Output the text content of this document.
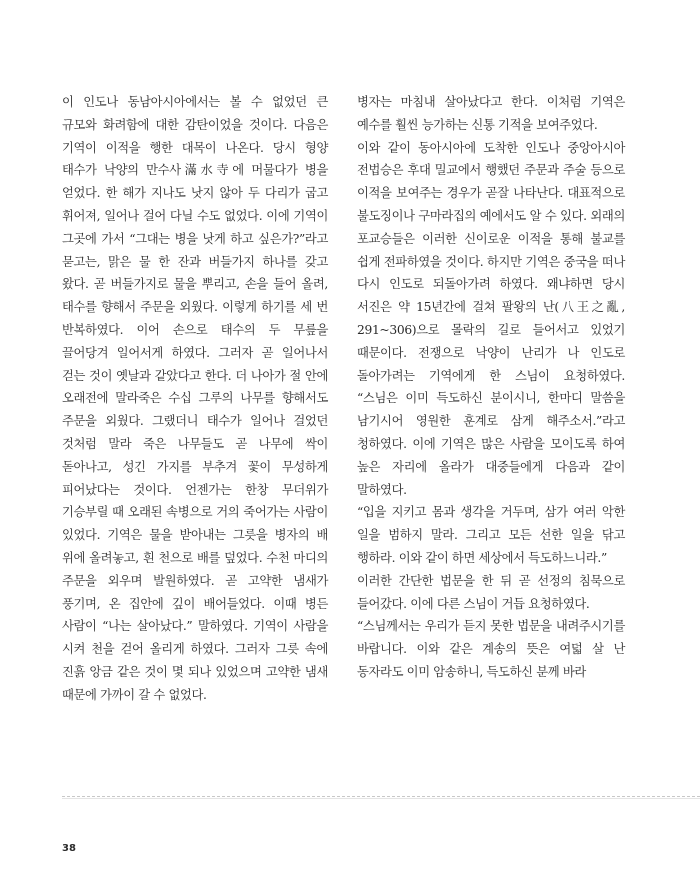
이 인도나 동남아시아에서는 볼 수 없었던 큰 규모와 화려함에 대한 감탄이었을 것이다. 다음은 기역이 이적을 행한 대목이 나온다. 당시 형양 태수가 낙양의 만수사滿水寺에 머물다가 병을 얻었다. 한 해가 지나도 낫지 않아 두 다리가 굽고 휘어져, 일어나 걸어 다닐 수도 없었다. 이에 기역이 그곳에 가서 “그대는 병을 낫게 하고 싶은가?”라고 묻고는, 맑은 물 한 잔과 버들가지 하나를 갖고 왔다. 곧 버들가지로 물을 뿌리고, 손을 들어 올려, 태수를 향해서 주문을 외웠다. 이렇게 하기를 세 번 반복하였다. 이어 손으로 태수의 두 무릎을 끌어당겨 일어서게 하였다. 그러자 곧 일어나서 걷는 것이 옛날과 같았다고 한다. 더 나아가 절 안에 오래전에 말라죽은 수십 그루의 나무를 향해서도 주문을 외웠다. 그랬더니 태수가 일어나 걸었던 것처럼 말라 죽은 나무들도 곧 나무에 싹이 돋아나고, 성긴 가지를 부추겨 꽃이 무성하게 피어났다는 것이다. 언젠가는 한창 무더위가 기승부릴 때 오래된 속병으로 거의 죽어가는 사람이 있었다. 기역은 물을 받아내는 그릇을 병자의 배 위에 올려놓고, 흰 천으로 배를 덮었다. 수천 마디의 주문을 외우며 발원하였다. 곧 고약한 냄새가 풍기며, 온 집안에 깊이 배어들었다. 이때 병든 사람이 “나는 살아났다.” 말하였다. 기역이 사람을 시켜 천을 걷어 올리게 하였다. 그러자 그릇 속에 진흙 앙금 같은 것이 몇 되나 있었으며 고약한 냄새 때문에 가까이 갈 수 없었다.

병자는 마침내 살아났다고 한다. 이처럼 기역은 예수를 훨씬 능가하는 신통 기적을 보여주었다.

이와 같이 동아시아에 도착한 인도나 중앙아시아 전법승은 후대 밀교에서 행했던 주문과 주술 등으로 이적을 보여주는 경우가 곧잘 나타난다. 대표적으로 불도징이나 구마라집의 예에서도 알 수 있다. 외래의 포교승들은 이러한 신이로운 이적을 통해 불교를 쉽게 전파하였을 것이다. 하지만 기역은 중국을 떠나 다시 인도로 되돌아가려 하였다. 왜냐하면 당시 서진은 약 15년간에 걸쳐 팔왕의 난(八王之亂, 291~306)으로 몰락의 길로 들어서고 있었기 때문이다. 전쟁으로 낙양이 난리가 나 인도로 돌아가려는 기역에게 한 스님이 요청하였다. “스님은 이미 득도하신 분이시니, 한마디 말씀을 남기시어 영원한 훈계로 삼게 해주소서.”라고 청하였다. 이에 기역은 많은 사람을 모이도록 하여 높은 자리에 올라가 대중들에게 다음과 같이 말하였다.

“입을 지키고 몸과 생각을 거두며, 삼가 여러 악한 일을 범하지 말라. 그리고 모든 선한 일을 닦고 행하라. 이와 같이 하면 세상에서 득도하느니라.”

이러한 간단한 법문을 한 뒤 곧 선정의 침묵으로 들어갔다. 이에 다른 스님이 거듭 요청하였다.

“스님께서는 우리가 듣지 못한 법문을 내려주시기를 바랍니다. 이와 같은 계송의 뜻은 여덟 살 난 동자라도 이미 암송하니, 득도하신 분께 바라

38
